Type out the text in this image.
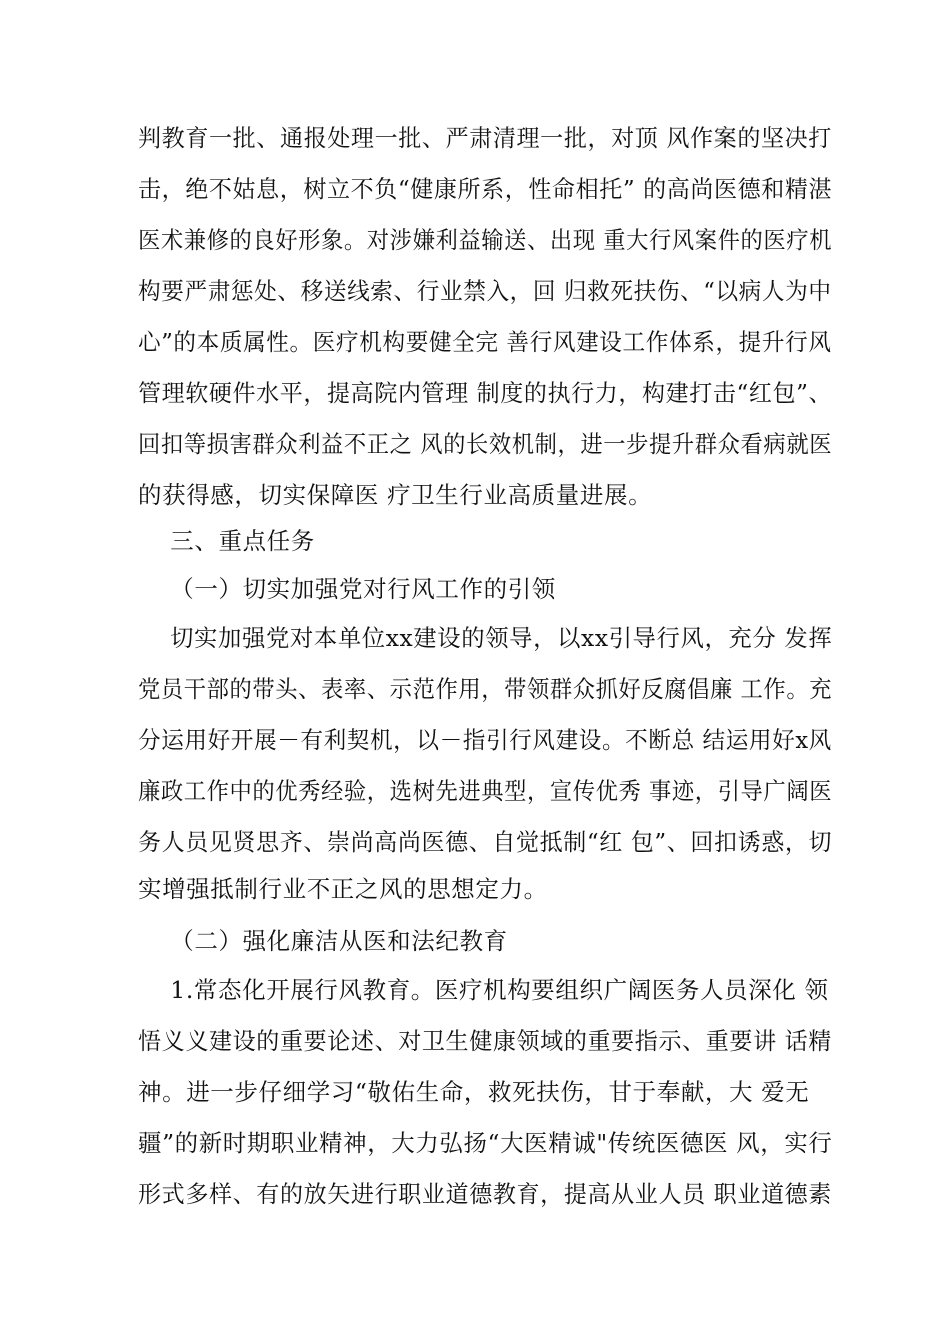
判教育一批、通报处理一批、严肃清理一批，对顶 风作案的坚决打
击，绝不姑息，树立不负“健康所系，性命相托” 的高尚医德和精湛
医术兼修的良好形象。对涉嫌利益输送、出现 重大行风案件的医疗机
构要严肃惩处、移送线索、行业禁入，回 归救死扶伤、“以病人为中
心”的本质属性。医疗机构要健全完 善行风建设工作体系，提升行风
管理软硬件水平，提高院内管理 制度的执行力，构建打击“红包”、
回扣等损害群众利益不正之 风的长效机制，进一步提升群众看病就医
的获得感，切实保障医 疗卫生行业高质量进展。
三、重点任务
（一）切实加强党对行风工作的引领
切实加强党对本单位xx建设的领导，以xx引导行风，充分 发挥
党员干部的带头、表率、示范作用，带领群众抓好反腐倡廉 工作。充
分运用好开展－有利契机，以－指引行风建设。不断总 结运用好x风
廉政工作中的优秀经验，选树先进典型，宣传优秀 事迹，引导广阔医
务人员见贤思齐、崇尚高尚医德、自觉抵制“红 包”、回扣诱惑，切
实增强抵制行业不正之风的思想定力。
（二）强化廉洁从医和法纪教育
1.常态化开展行风教育。医疗机构要组织广阔医务人员深化 领
悟义义建设的重要论述、对卫生健康领域的重要指示、重要讲 话精
神。进一步仔细学习“敬佑生命，救死扶伤，甘于奉献，大 爱无
疆”的新时期职业精神，大力弘扬“大医精诚"传统医德医 风，实行
形式多样、有的放矢进行职业道德教育，提高从业人员 职业道德素
